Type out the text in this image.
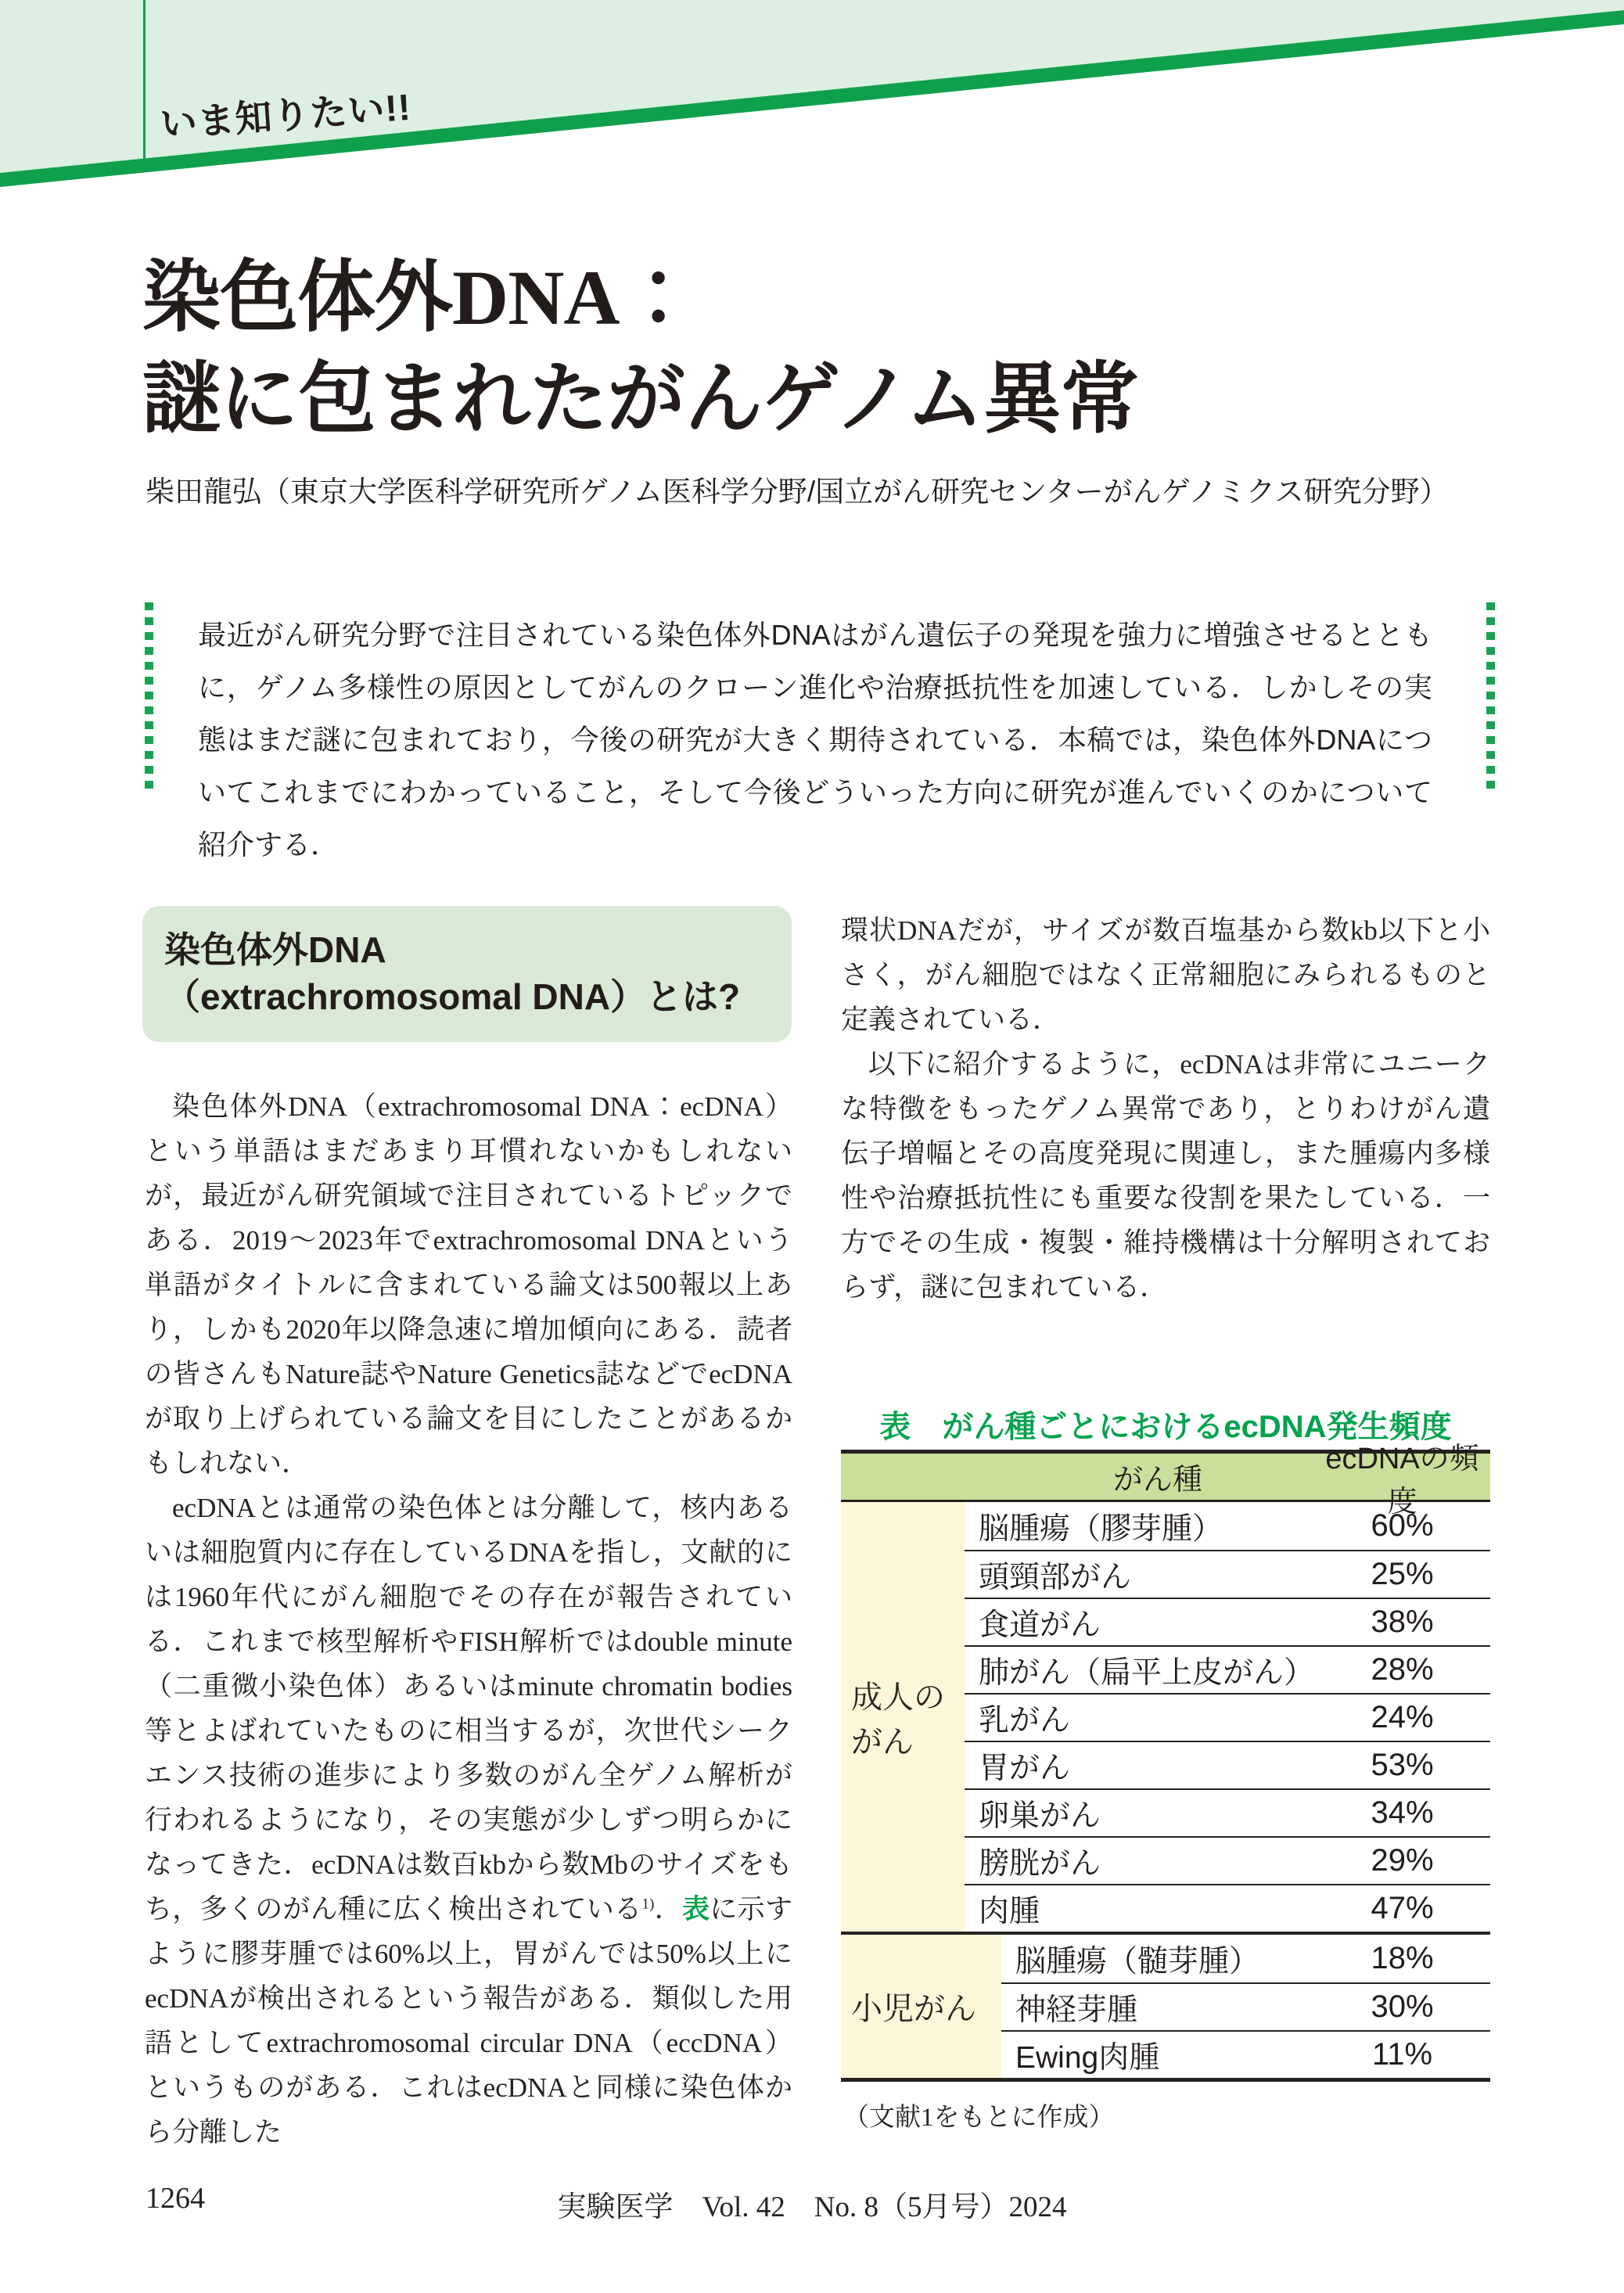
いま知りたい!!
染色体外DNA：
謎に包まれたがんゲノム異常
柴田龍弘（東京大学医科学研究所ゲノム医科学分野/国立がん研究センターがんゲノミクス研究分野）
最近がん研究分野で注目されている染色体外DNAはがん遺伝子の発現を強力に増強させるとともに，ゲノム多様性の原因としてがんのクローン進化や治療抵抗性を加速している．しかしその実態はまだ謎に包まれており，今後の研究が大きく期待されている．本稿では，染色体外DNAについてこれまでにわかっていること，そして今後どういった方向に研究が進んでいくのかについて紹介する．
染色体外DNA
（extrachromosomal DNA）とは?

染色体外DNA（extrachromosomal DNA：ecDNA）という単語はまだあまり耳慣れないかもしれないが，最近がん研究領域で注目されているトピックである．2019〜2023年でextrachromosomal DNAという単語がタイトルに含まれている論文は500報以上あり，しかも2020年以降急速に増加傾向にある．読者の皆さんもNature誌やNature Genetics誌などでecDNAが取り上げられている論文を目にしたことがあるかもしれない．

ecDNAとは通常の染色体とは分離して，核内あるいは細胞質内に存在しているDNAを指し，文献的には1960年代にがん細胞でその存在が報告されている．これまで核型解析やFISH解析ではdouble minute（二重微小染色体）あるいはminute chromatin bodies等とよばれていたものに相当するが，次世代シークエンス技術の進歩により多数のがん全ゲノム解析が行われるようになり，その実態が少しずつ明らかになってきた．ecDNAは数百kbから数Mbのサイズをもち，多くのがん種に広く検出されている$^{1)}$．表に示すように膠芽腫では60%以上，胃がんでは50%以上にecDNAが検出されるという報告がある．類似した用語としてextrachromosomal circular DNA（eccDNA）というものがある．これはecDNAと同様に染色体から分離した

環状DNAだが，サイズが数百塩基から数kb以下と小さく，がん細胞ではなく正常細胞にみられるものと定義されている．

以下に紹介するように，ecDNAは非常にユニークな特徴をもったゲノム異常であり，とりわけがん遺伝子増幅とその高度発現に関連し，また腫瘍内多様性や治療抵抗性にも重要な役割を果たしている．一方でその生成・複製・維持機構は十分解明されておらず，謎に包まれている．

表　がん種ごとにおけるecDNA発生頻度
がん種
ecDNAの頻度
成人のがん
脳腫瘍（膠芽腫）	60%
頭頸部がん	25%
食道がん	38%
肺がん（扁平上皮がん）	28%
乳がん	24%
胃がん	53%
卵巣がん	34%
膀胱がん	29%
肉腫	47%
小児がん
脳腫瘍（髄芽腫）	18%
神経芽腫	30%
Ewing肉腫	11%
（文献1をもとに作成）
1264	実験医学　Vol. 42　No. 8（5月号）2024
